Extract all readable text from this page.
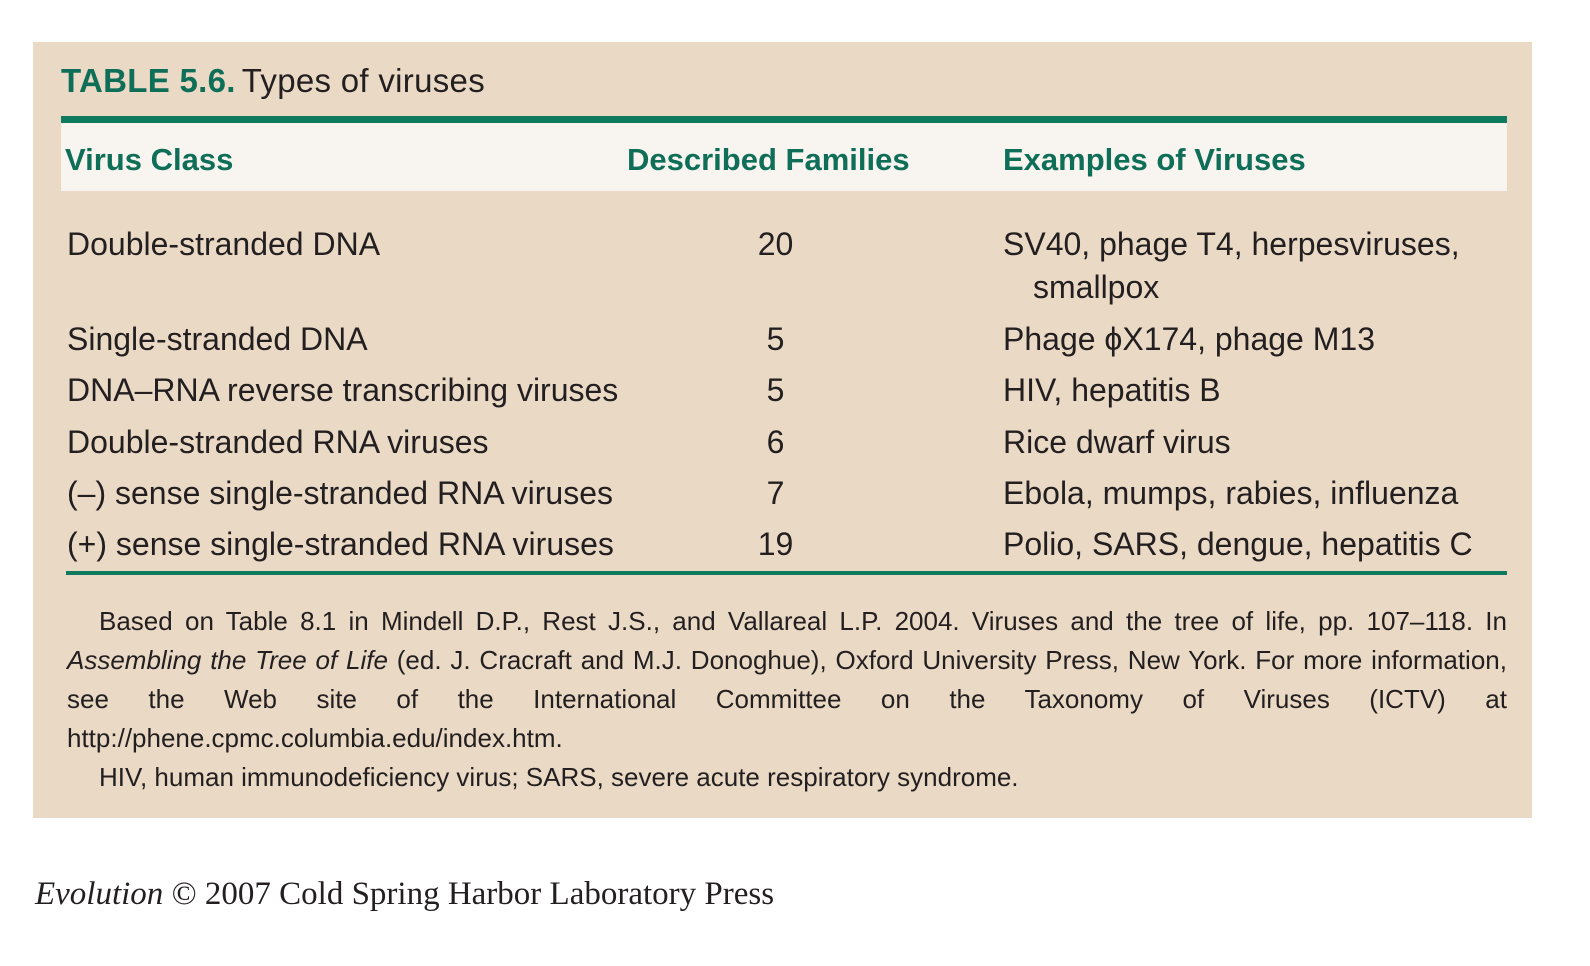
TABLE 5.6. Types of viruses
Virus Class	Described Families	Examples of Viruses
Double-stranded DNA	20	SV40, phage T4, herpesviruses,
smallpox
Single-stranded DNA	5	Phage ϕX174, phage M13
DNA–RNA reverse transcribing viruses	5	HIV, hepatitis B
Double-stranded RNA viruses	6	Rice dwarf virus
(–) sense single-stranded RNA viruses	7	Ebola, mumps, rabies, influenza
(+) sense single-stranded RNA viruses	19	Polio, SARS, dengue, hepatitis C

Based on Table 8.1 in Mindell D.P., Rest J.S., and Vallareal L.P. 2004. Viruses and the tree of life, pp. 107–118. In Assembling the Tree of Life (ed. J. Cracraft and M.J. Donoghue), Oxford University Press, New York. For more information, see the Web site of the International Committee on the Taxonomy of Viruses (ICTV) at http://phene.cpmc.columbia.edu/index.htm.

HIV, human immunodeficiency virus; SARS, severe acute respiratory syndrome.

Evolution © 2007 Cold Spring Harbor Laboratory Press
